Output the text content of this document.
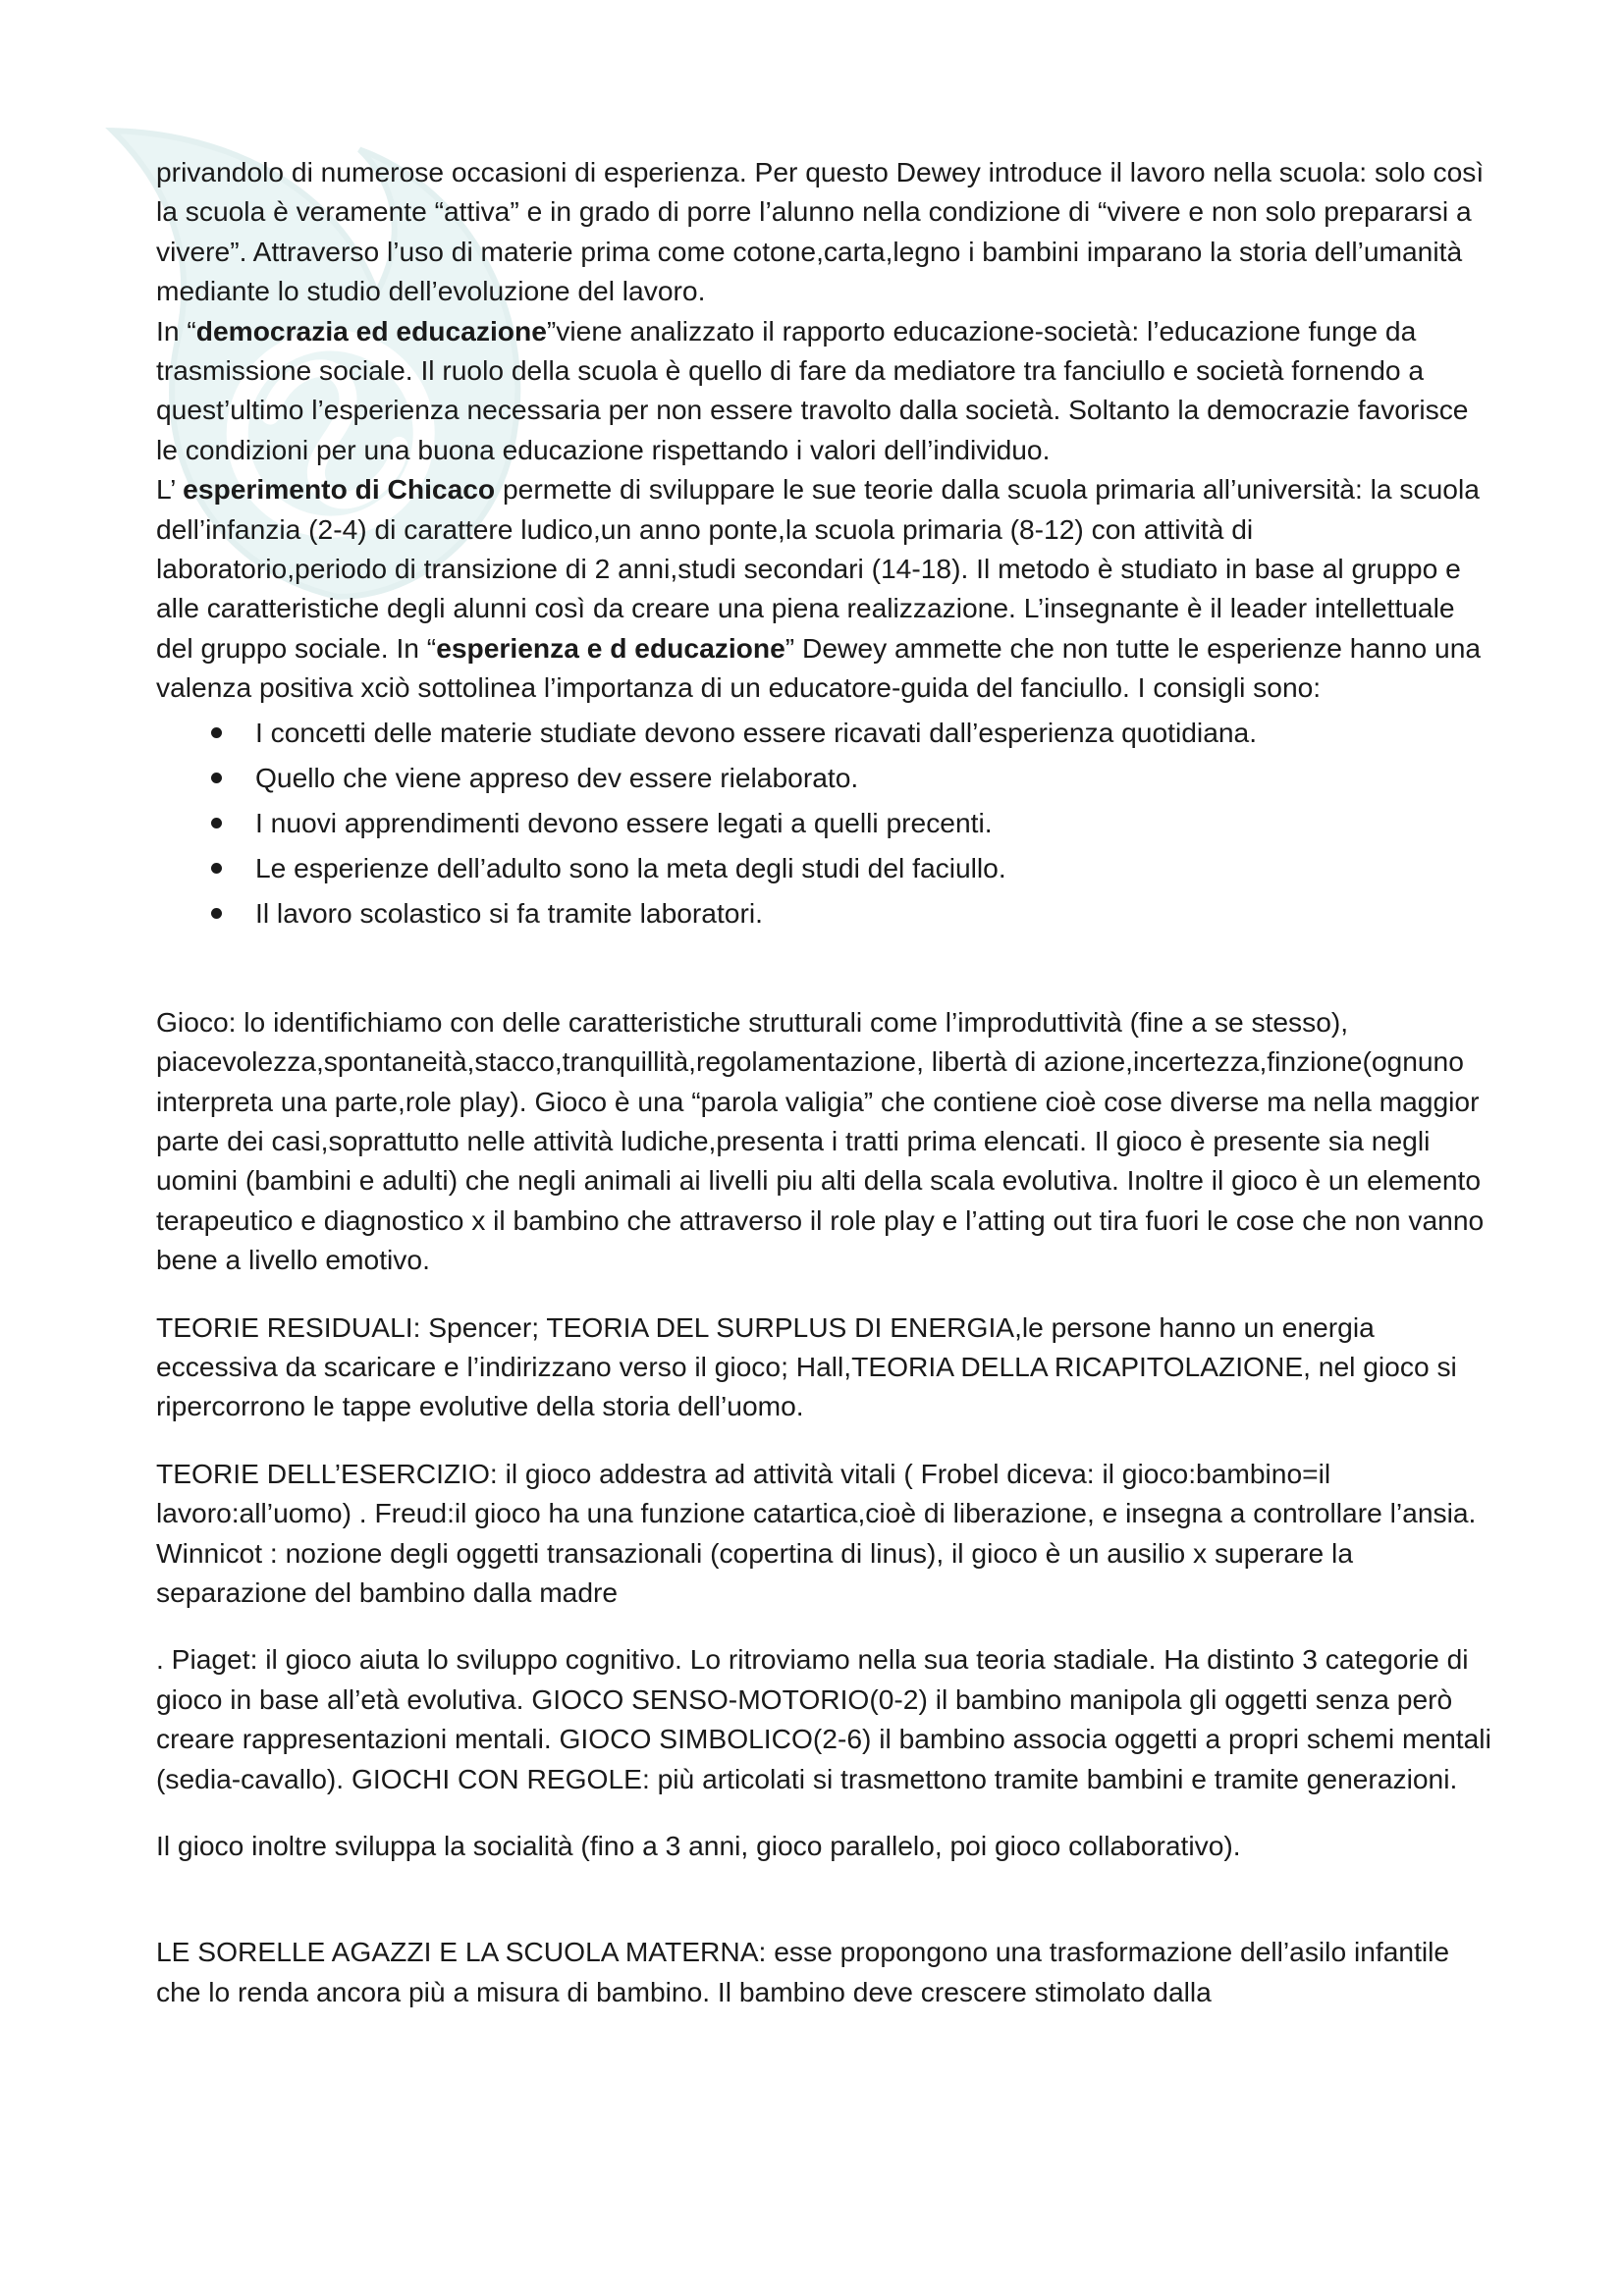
privandolo di numerose occasioni di esperienza. Per questo Dewey introduce il lavoro nella scuola: solo così la scuola è veramente “attiva” e in grado di porre l’alunno nella condizione di “vivere e non solo prepararsi a vivere”. Attraverso l’uso di materie prima come cotone,carta,legno i bambini imparano la storia dell’umanità mediante lo studio dell’evoluzione del lavoro.

In “democrazia ed educazione”viene analizzato il rapporto educazione-società: l’educazione funge da trasmissione sociale. Il ruolo della scuola è quello di fare da mediatore tra fanciullo e società fornendo a quest’ultimo l’esperienza necessaria per non essere travolto dalla società. Soltanto la democrazie favorisce le condizioni per una buona educazione rispettando i valori dell’individuo.

L’ esperimento di Chicaco permette di sviluppare le sue teorie dalla scuola primaria all’università: la scuola dell’infanzia (2-4) di carattere ludico,un anno ponte,la scuola primaria (8-12) con attività di laboratorio,periodo di transizione di 2 anni,studi secondari (14-18). Il metodo è studiato in base al gruppo e alle caratteristiche degli alunni così da creare una piena realizzazione. L’insegnante è il leader intellettuale del gruppo sociale. In “esperienza e d educazione” Dewey ammette che non tutte le esperienze hanno una valenza positiva xciò sottolinea l’importanza di un educatore-guida del fanciullo. I consigli sono:

I concetti delle materie studiate devono essere ricavati dall’esperienza quotidiana.
Quello che viene appreso dev essere rielaborato.
I nuovi apprendimenti devono essere legati a quelli precenti.
Le esperienze dell’adulto sono la meta degli studi del faciullo.
Il lavoro scolastico si fa tramite laboratori.

Gioco: lo identifichiamo con delle caratteristiche strutturali come l’improduttività (fine a se stesso), piacevolezza,spontaneità,stacco,tranquillità,regolamentazione, libertà di azione,incertezza,finzione(ognuno interpreta una parte,role play). Gioco è una “parola valigia” che contiene cioè cose diverse ma nella maggior parte dei casi,soprattutto nelle attività ludiche,presenta i tratti prima elencati. Il gioco è presente sia negli uomini (bambini e adulti) che negli animali ai livelli piu alti della scala evolutiva. Inoltre il gioco è un elemento terapeutico e diagnostico x il bambino che attraverso il role play e l’atting out tira fuori le cose che non vanno bene a livello emotivo.

TEORIE RESIDUALI: Spencer; TEORIA DEL SURPLUS DI ENERGIA,le persone hanno un energia eccessiva da scaricare e l’indirizzano verso il gioco; Hall,TEORIA DELLA RICAPITOLAZIONE, nel gioco si ripercorrono le tappe evolutive della storia dell’uomo.

TEORIE DELL’ESERCIZIO: il gioco addestra ad attività vitali ( Frobel diceva: il gioco:bambino=il lavoro:all’uomo) . Freud:il gioco ha una funzione catartica,cioè di liberazione, e insegna a controllare l’ansia. Winnicot : nozione degli oggetti transazionali (copertina di linus), il gioco è un ausilio x superare la separazione del bambino dalla madre

. Piaget: il gioco aiuta lo sviluppo cognitivo. Lo ritroviamo nella sua teoria stadiale. Ha distinto 3 categorie di gioco in base all’età evolutiva. GIOCO SENSO-MOTORIO(0-2) il bambino manipola gli oggetti senza però creare rappresentazioni mentali. GIOCO SIMBOLICO(2-6) il bambino associa oggetti a propri schemi mentali (sedia-cavallo). GIOCHI CON REGOLE: più articolati si trasmettono tramite bambini e tramite generazioni.

Il gioco inoltre sviluppa la socialità (fino a 3 anni, gioco parallelo, poi gioco collaborativo).

LE SORELLE AGAZZI E LA SCUOLA MATERNA: esse propongono una trasformazione dell’asilo infantile che lo renda ancora più a misura di bambino. Il bambino deve crescere stimolato dalla
